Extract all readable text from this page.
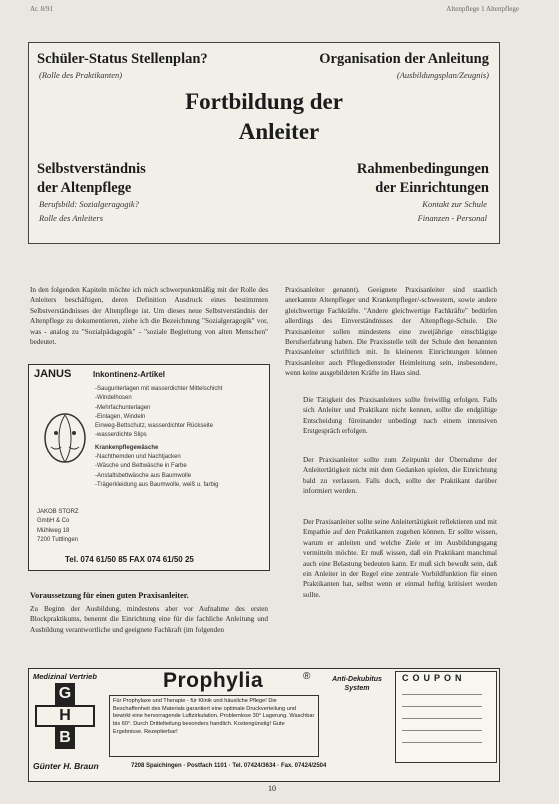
Ar. 8/91	Altenpflege 1 Altenpflege
Schüler-Status Stellenplan?
(Rolle des Praktikanten)
Organisation der Anleitung
(Ausbildungsplan/Zeugnis)
Fortbildung der
Anleiter
Selbstverständnis
der Altenpflege
Berufsbild: Sozialgeragogik?
Rolle des Anleiters
Rahmenbedingungen
der Einrichtungen
Kontakt zur Schule
Finanzen - Personal
In den folgenden Kapiteln möchte ich mich schwerpunktmäßig mit der Rolle des Anleiters beschäftigen, deren Definition Ausdruck eines bestimmten Selbstverständnisses der Altenpflege ist. Um dieses neue Selbstverständnis der Altenpflege zu dokumentieren, ziehe ich die Bezeichnung "Sozialgeragogik" vor, was - analog zu "Sozialpädagogik" - "soziale Begleitung von alten Menschen" bedeutet.
JANUS	Inkontinenz-Artikel
-Saugunterlagen mit wasserdichter Mittelschicht
-Windelhosen
-Mehrfachunterlagen
-Einlagen, Windeln
Einweg-Bettschutz, wasserdichter Rückseite
-wasserdichte Slips
Krankenpflegewäsche
-Nachthemden und Nachtjacken
-Wäsche und Bettwäsche in Farbe
-Anstaltsbettwäsche aus Baumwolle
-Trägerkleidung aus Baumwolle, weiß u. farbig
JAKOB STORZ
GmbH & Co
Mühlweg 18
7200 Tuttlingen
Tel. 074 61/50 85 FAX 074 61/50 25
Voraussetzung für einen guten Praxisanleiter.
Zu Beginn der Ausbildung, mindestens aber vor Aufnahme des ersten Blockpraktikums, benennt die Einrichtung eine für die fachliche Anleitung und Ausbildung verantwortliche und geeignete Fachkraft (im folgenden
Praxisanleiter genannt). Geeignete Praxisanleiter sind staatlich anerkannte Altenpfleger und Krankenpfleger/-schwestern, sowie andere gleichwertige Fachkräfte. "Andere gleichwertige Fachkräfte" bedürfen allerdings des Einverständnisses der Altenpflege-Schule. Die Praxisanleiter sollen mindestens eine zweijährige einschlägige Berufserfahrung haben. Die Praxisstelle teilt der Schule den benannten Praxisanleiter schriftlich mit. In kleineren Einrichtungen können Praxisanleiter auch Pflegedienstoder Heimleitung sein, insbesondere, wenn keine ausgebildeten Kräfte im Haus sind.
Die Tätigkeit des Praxisanleiters sollte freiwillig erfolgen. Falls sich Anleiter und Praktikant nicht kennen, sollte die endgültige Entscheidung füreinander unbedingt nach einem intensiven Erstgespräch erfolgen.
Der Praxisanleiter sollte zum Zeitpunkt der Übernahme der Anleitertätigkeit nicht mit dem Gedanken spielen, die Einrichtung bald zu verlassen. Falls doch, sollte der Praktikant darüber informiert werden.
Der Praxisanleiter sollte seine Anleitertätigkeit reflektieren und mit Empathie auf den Praktikanten zugehen können. Er sollte wissen, warum er anleiten und welche Ziele er im Ausbildungsgang vermitteln möchte. Er muß wissen, daß ein Praktikant manchmal auch eine Belastung bedeuten kann. Er muß sich bewußt sein, daß ein Anleiter in der Regel eine zentrale Vorbildfunktion für einen Praktikanten hat, selbst wenn er einmal heftig kritisiert werden sollte.
Medizinal Vertrieb
G
H
B
Prophylia	®	Anti-Dekubitus System
Für Prophylaxe und Therapie - für Klinik und häusliche Pflege! Die Beschaffenheit des Materials garantiert eine optimale Druckverteilung und bewirkt eine hervorragende Luftzirkulation. Problemlose 30° Lagerung. Waschbar bis 60°. Durch Drittelteilung besonders handlich. Kostengünstig! Gute Ergebnisse. Rezeptierbar!
COUPON
Günter H. Braun	7208 Spaichingen · Postfach 1101 · Tel. 07424/3634 · Fax. 07424/2504
10
